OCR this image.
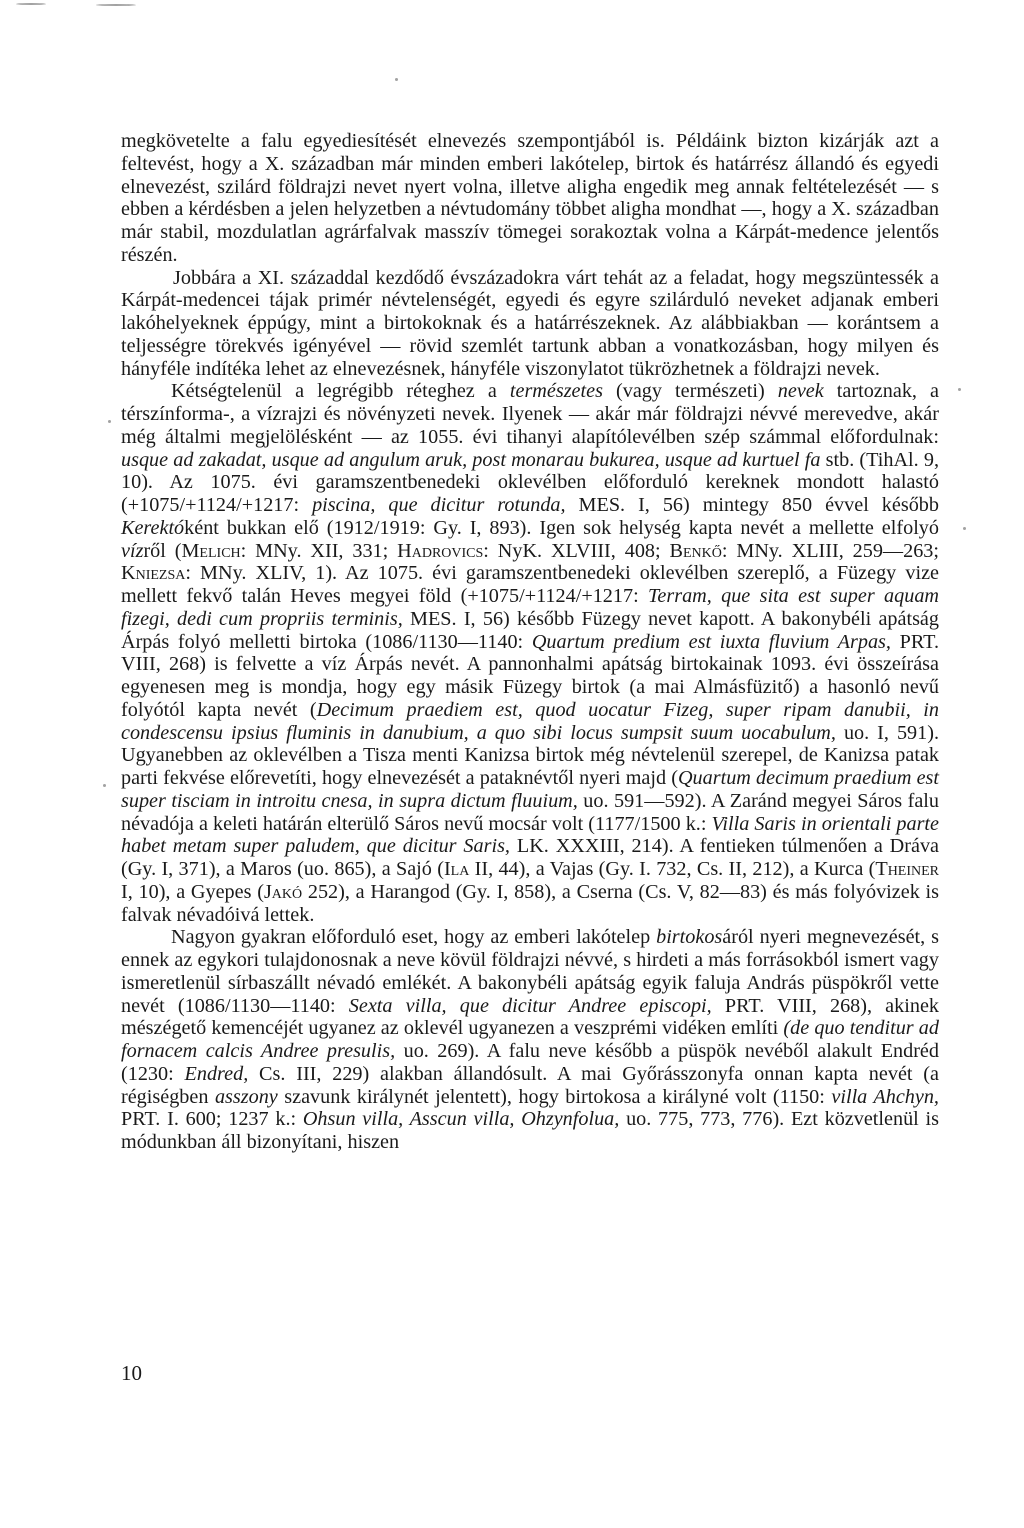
megkövetelte a falu egyediesítését elnevezés szempontjából is. Példáink bizton kizárják azt a feltevést, hogy a X. században már minden emberi lakótelep, birtok és határrész állandó és egyedi elnevezést, szilárd földrajzi nevet nyert volna, illetve aligha engedik meg annak feltételezését — s ebben a kérdésben a jelen helyzetben a névtudomány többet aligha mondhat —, hogy a X. században már stabil, mozdulatlan agrárfalvak masszív tömegei sorakoztak volna a Kárpát-medence jelentős részén.

Jobbára a XI. századdal kezdődő évszázadokra várt tehát az a feladat, hogy megszüntessék a Kárpát-medencei tájak primér névtelenségét, egyedi és egyre szilárduló neveket adjanak emberi lakóhelyeknek éppúgy, mint a birtokoknak és a határrészeknek. Az alábbiakban — korántsem a teljességre törekvés igényével — rövid szemlét tartunk abban a vonatkozásban, hogy milyen és hányféle indítéka lehet az elnevezésnek, hányféle viszonylatot tükrözhetnek a földrajzi nevek.

Kétségtelenül a legrégibb réteghez a természetes (vagy természeti) nevek tartoznak, a térszínforma-, a vízrajzi és növényzeti nevek. Ilyenek — akár már földrajzi névvé merevedve, akár még általmi megjelölésként — az 1055. évi tihanyi alapítólevélben szép számmal előfordulnak: usque ad zakadat, usque ad angulum aruk, post monarau bukurea, usque ad kurtuel fa stb. (TihAl. 9, 10). Az 1075. évi garamszentbenedeki oklevélben előforduló kereknek mondott halastó (+1075/+1124/+1217: piscina, que dicitur rotunda, MES. I, 56) mintegy 850 évvel később Kerektóként bukkan elő (1912/1919: Gy. I, 893). Igen sok helység kapta nevét a mellette elfolyó vízről (Melich: MNy. XII, 331; Hadrovics: NyK. XLVIII, 408; Benkő: MNy. XLIII, 259—263; Kniezsa: MNy. XLIV, 1). Az 1075. évi garamszentbenedeki oklevélben szereplő, a Füzegy vize mellett fekvő talán Heves megyei föld (+1075/+1124/+1217: Terram, que sita est super aquam fizegi, dedi cum propriis terminis, MES. I, 56) később Füzegy nevet kapott. A bakonybéli apátság Árpás folyó melletti birtoka (1086/1130—1140: Quartum predium est iuxta fluvium Arpas, PRT. VIII, 268) is felvette a víz Árpás nevét. A pannonhalmi apátság birtokainak 1093. évi összeírása egyenesen meg is mondja, hogy egy másik Füzegy birtok (a mai Almásfüzitő) a hasonló nevű folyótól kapta nevét (Decimum praediem est, quod uocatur Fizeg, super ripam danubii, in condescensu ipsius fluminis in danubium, a quo sibi locus sumpsit suum uocabulum, uo. I, 591). Ugyanebben az oklevélben a Tisza menti Kanizsa birtok még névtelenül szerepel, de Kanizsa patak parti fekvése előrevetíti, hogy elnevezését a pataknévtől nyeri majd (Quartum decimum praedium est super tisciam in introitu cnesa, in supra dictum fluuium, uo. 591—592). A Zaránd megyei Sáros falu névadója a keleti határán elterülő Sáros nevű mocsár volt (1177/1500 k.: Villa Saris in orientali parte habet metam super paludem, que dicitur Saris, LK. XXXIII, 214). A fentieken túlmenően a Dráva (Gy. I, 371), a Maros (uo. 865), a Sajó (Ila II, 44), a Vajas (Gy. I. 732, Cs. II, 212), a Kurca (Theiner I, 10), a Gyepes (Jakó 252), a Harangod (Gy. I, 858), a Cserna (Cs. V, 82—83) és más folyóvizek is falvak névadóivá lettek.

Nagyon gyakran előforduló eset, hogy az emberi lakótelep birtokosáról nyeri megnevezését, s ennek az egykori tulajdonosnak a neve kövül földrajzi névvé, s hirdeti a más forrásokból ismert vagy ismeretlenül sírbaszállt névadó emlékét. A bakonybéli apátság egyik faluja András püspökről vette nevét (1086/1130—1140: Sexta villa, que dicitur Andree episcopi, PRT. VIII, 268), akinek mészégető kemencéjét ugyanez az oklevél ugyanezen a veszprémi vidéken említi (de quo tenditur ad fornacem calcis Andree presulis, uo. 269). A falu neve később a püspök nevéből alakult Endréd (1230: Endred, Cs. III, 229) alakban állandósult. A mai Győrásszonyfa onnan kapta nevét (a régiségben asszony szavunk királynét jelentett), hogy birtokosa a királyné volt (1150: villa Ahchyn, PRT. I. 600; 1237 k.: Ohsun villa, Asscun villa, Ohzynfolua, uo. 775, 773, 776). Ezt közvetlenül is módunkban áll bizonyítani, hiszen

10
